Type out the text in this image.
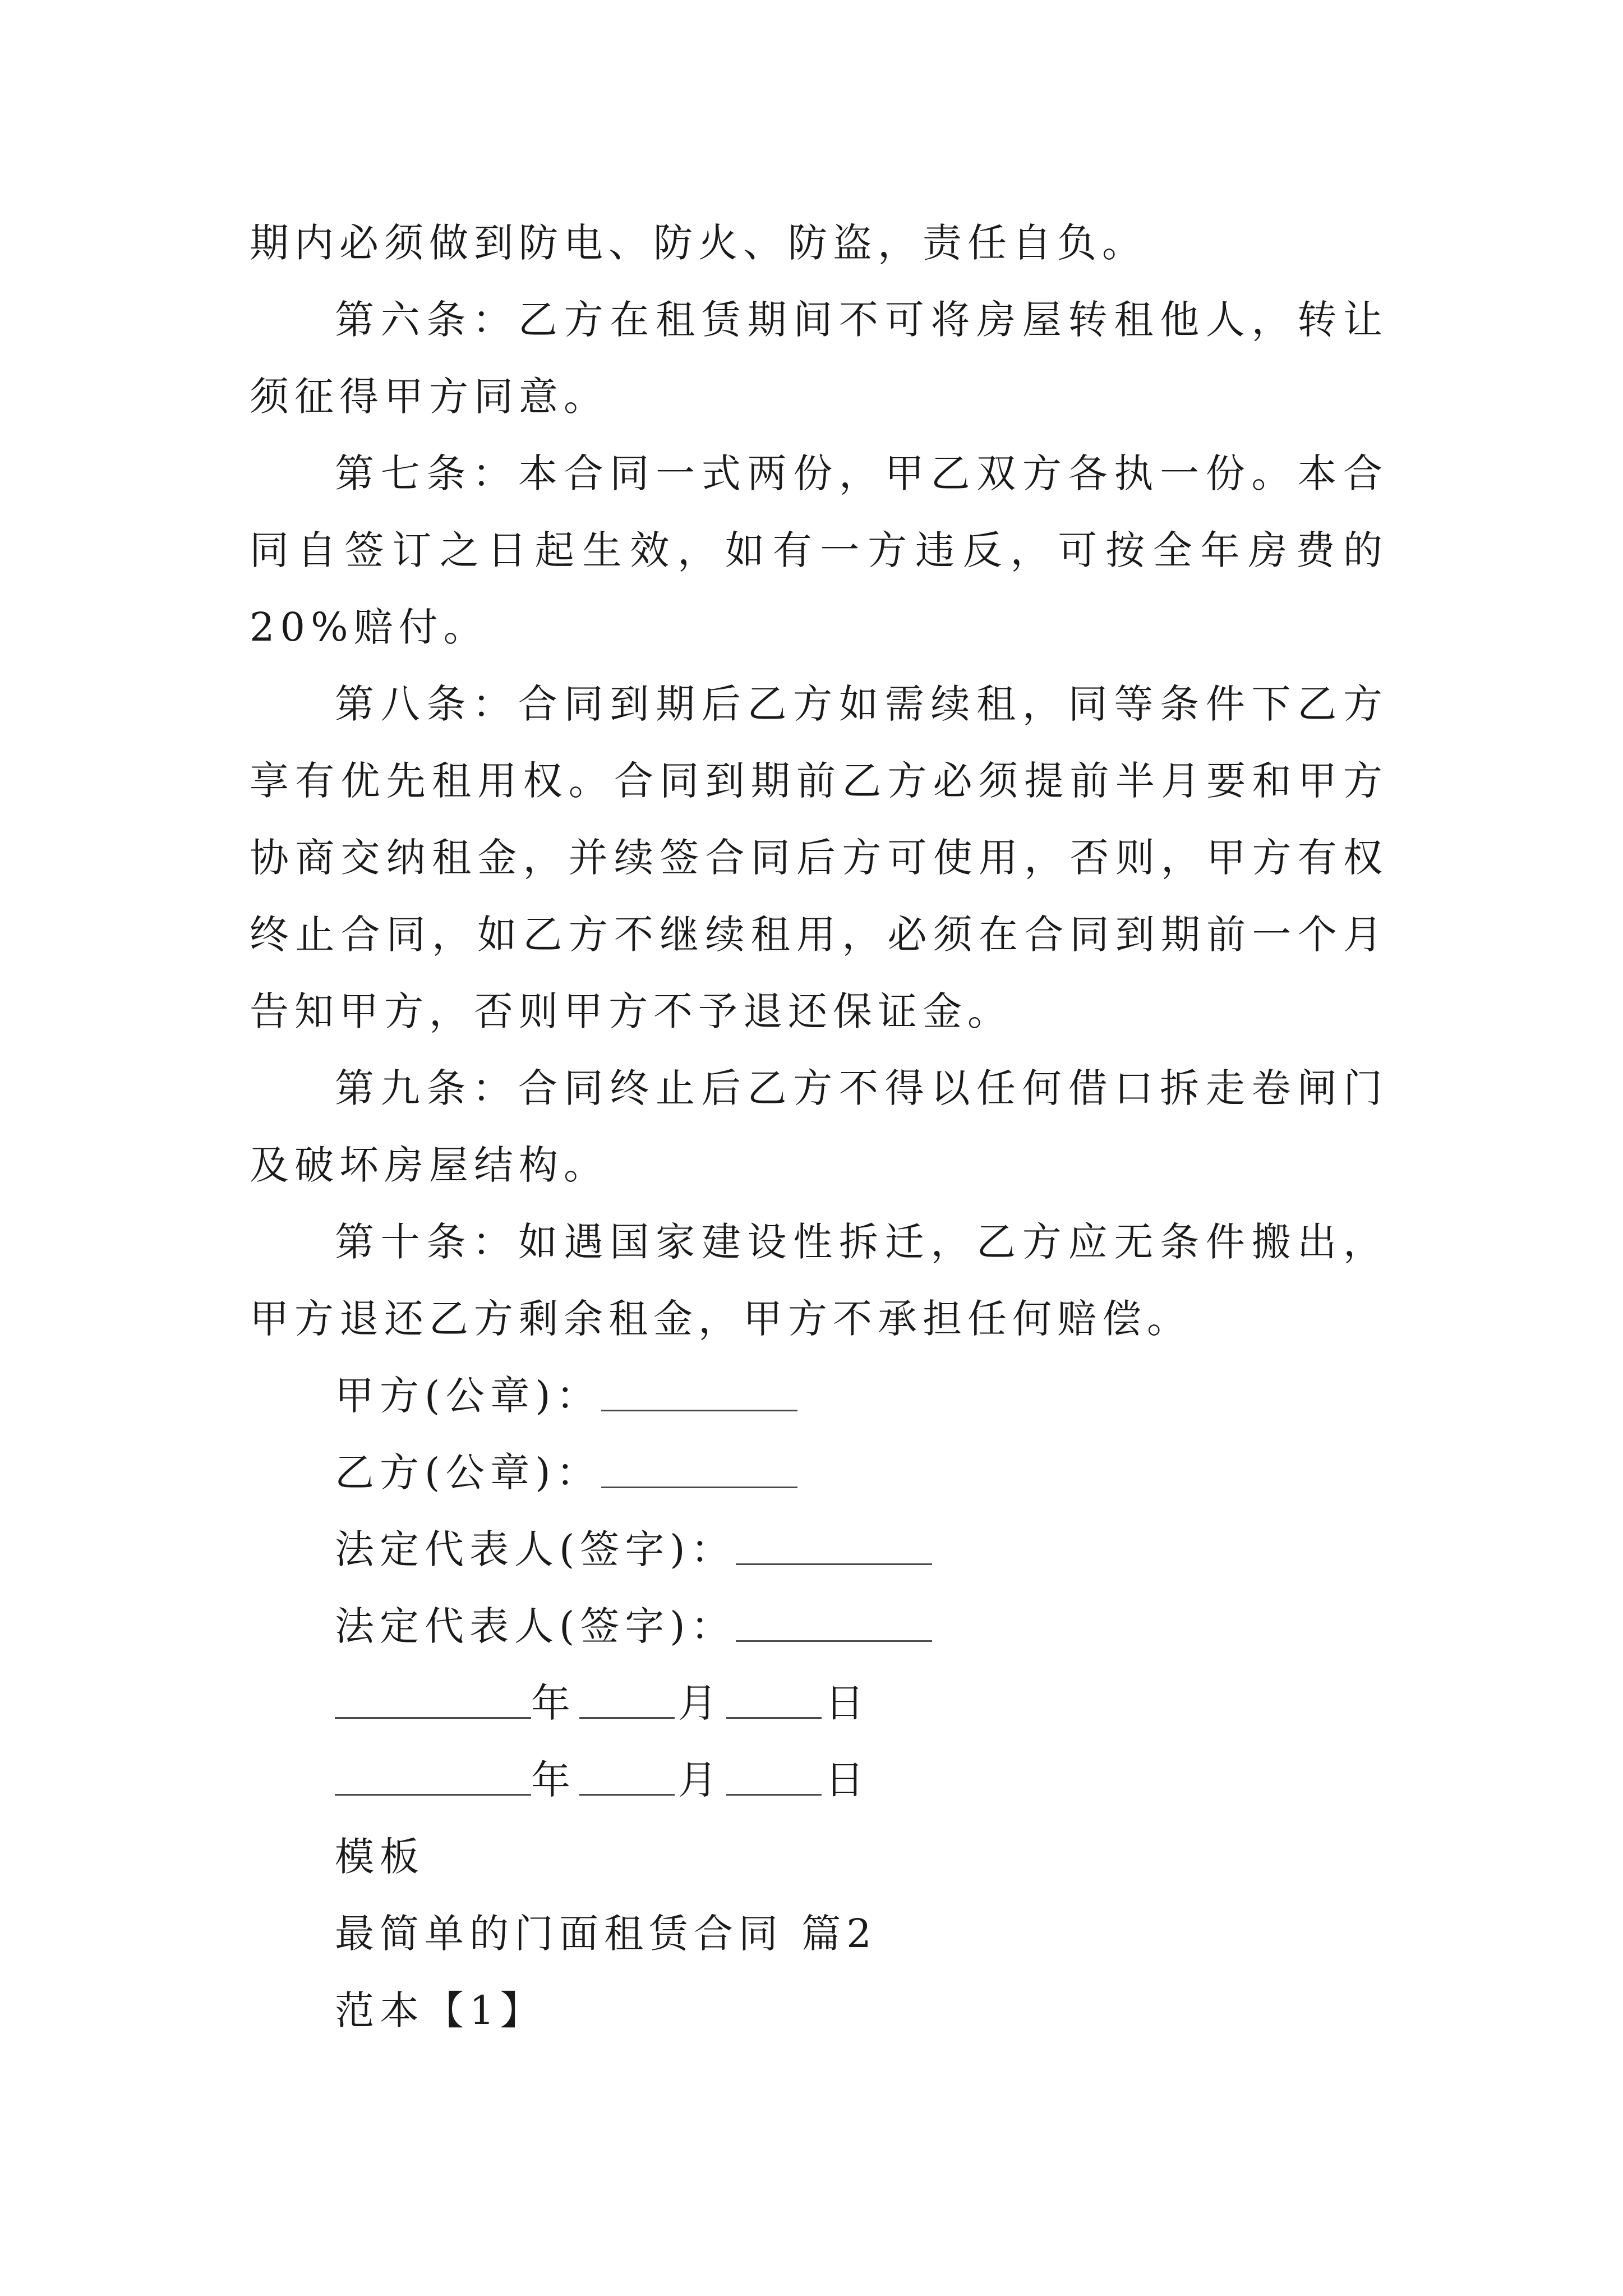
期内必须做到防电、防火、防盗，责任自负。

第六条：乙方在租赁期间不可将房屋转租他人，转让须征得甲方同意。

第七条：本合同一式两份，甲乙双方各执一份。本合同自签订之日起生效，如有一方违反，可按全年房费的20%赔付。

第八条：合同到期后乙方如需续租，同等条件下乙方享有优先租用权。合同到期前乙方必须提前半月要和甲方协商交纳租金，并续签合同后方可使用，否则，甲方有权终止合同，如乙方不继续租用，必须在合同到期前一个月告知甲方，否则甲方不予退还保证金。

第九条：合同终止后乙方不得以任何借口拆走卷闸门及破坏房屋结构。

第十条：如遇国家建设性拆迁，乙方应无条件搬出，甲方退还乙方剩余租金，甲方不承担任何赔偿。

甲方(公章)：
乙方(公章)：
法定代表人(签字)：
法定代表人(签字)：
年	月	日
年	月	日
模板
最简单的门面租赁合同 篇2
范本【1】
